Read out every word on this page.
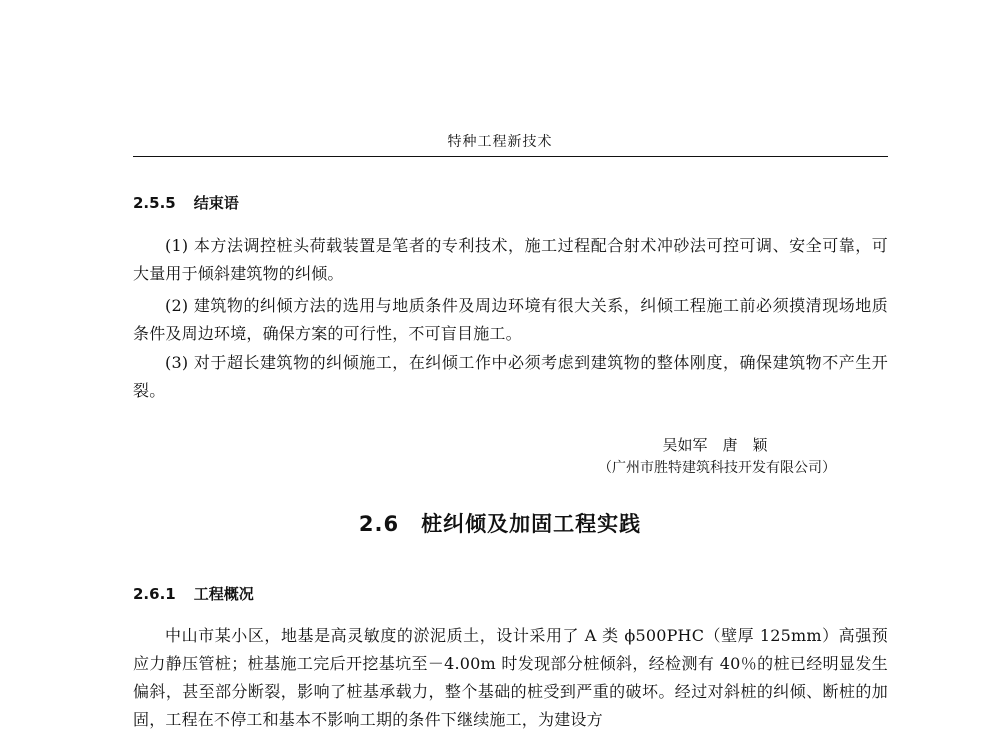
特种工程新技术
2.5.5 结束语
(1) 本方法调控桩头荷载装置是笔者的专利技术，施工过程配合射术冲砂法可控可调、安全可靠，可大量用于倾斜建筑物的纠倾。
(2) 建筑物的纠倾方法的选用与地质条件及周边环境有很大关系，纠倾工程施工前必须摸清现场地质条件及周边环境，确保方案的可行性，不可盲目施工。
(3) 对于超长建筑物的纠倾施工，在纠倾工作中必须考虑到建筑物的整体刚度，确保建筑物不产生开裂。
吴如军　唐　颖
（广州市胜特建筑科技开发有限公司）
2.6 桩纠倾及加固工程实践
2.6.1 工程概况
中山市某小区，地基是高灵敏度的淤泥质土，设计采用了 A 类 ϕ500PHC（壁厚 125mm）高强预应力静压管桩；桩基施工完后开挖基坑至－4.00m 时发现部分桩倾斜，经检测有 40％的桩已经明显发生偏斜，甚至部分断裂，影响了桩基承载力，整个基础的桩受到严重的破坏。经过对斜桩的纠倾、断桩的加固，工程在不停工和基本不影响工期的条件下继续施工，为建设方
